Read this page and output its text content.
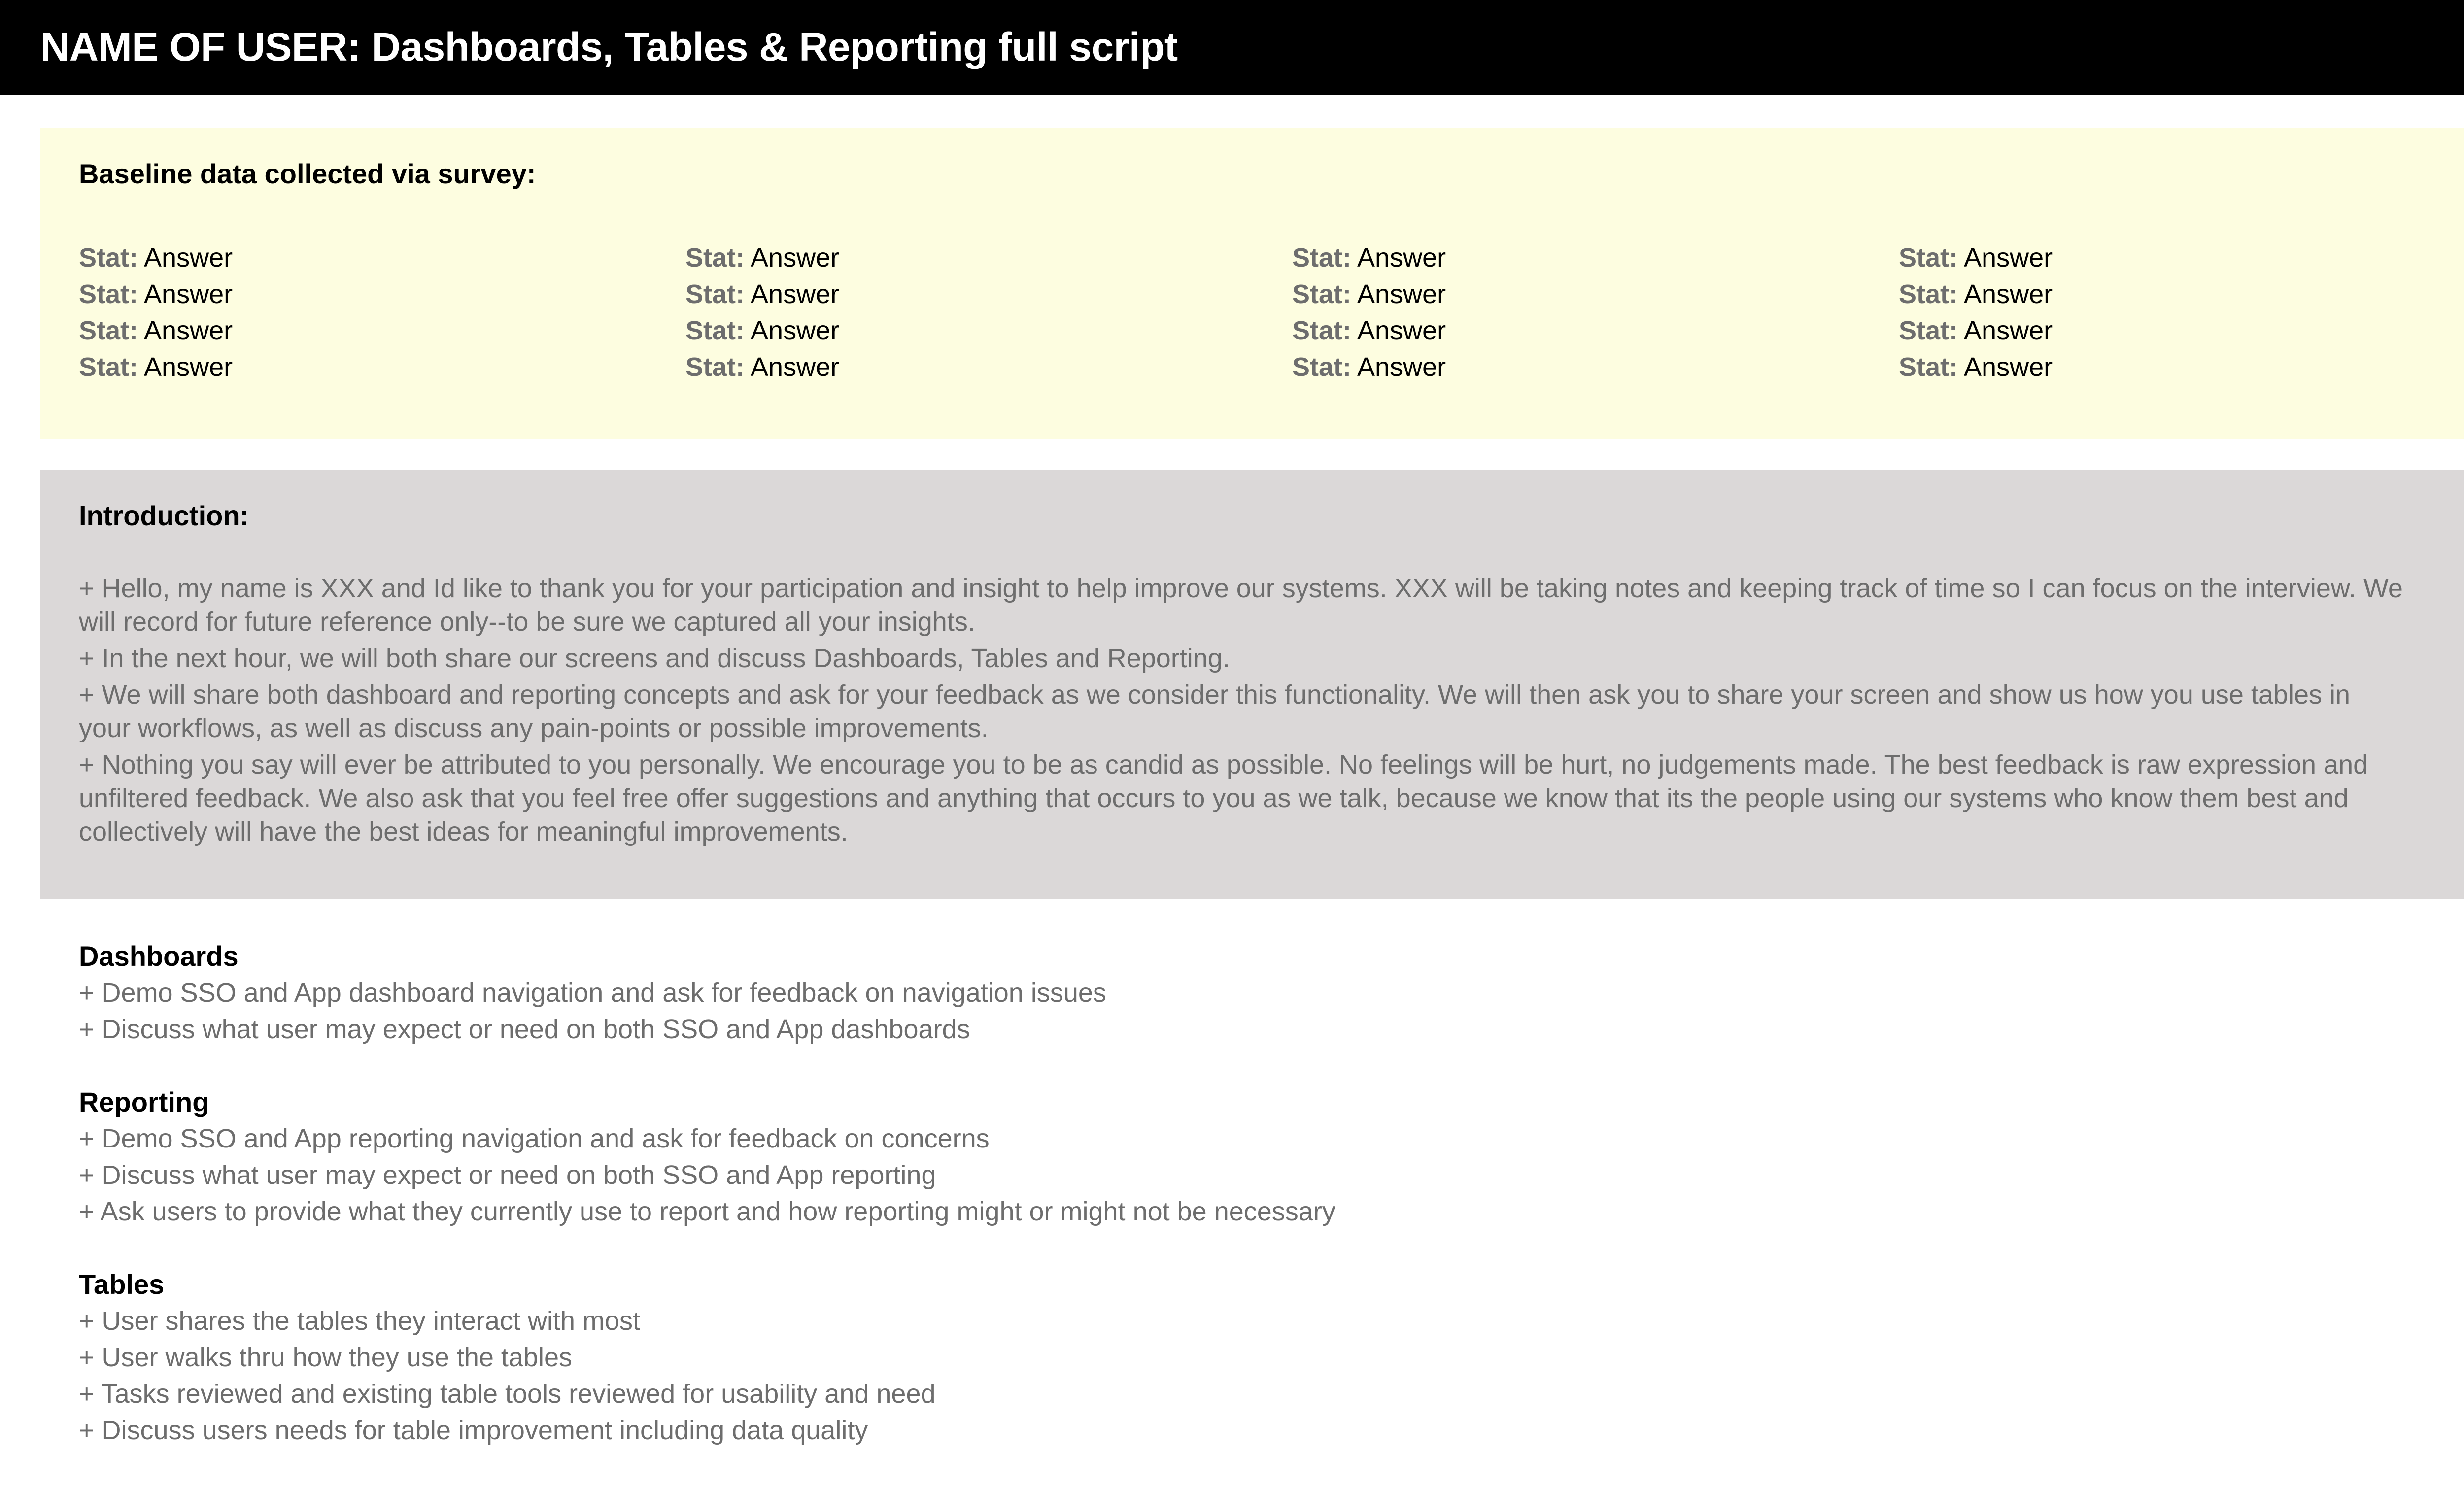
NAME OF USER: Dashboards, Tables & Reporting full script
Baseline data collected via survey:
Stat: Answer	Stat: Answer	Stat: Answer	Stat: Answer
Stat: Answer	Stat: Answer	Stat: Answer	Stat: Answer
Stat: Answer	Stat: Answer	Stat: Answer	Stat: Answer
Stat: Answer	Stat: Answer	Stat: Answer	Stat: Answer
Introduction:

+ Hello, my name is XXX and Id like to thank you for your participation and insight to help improve our systems. XXX will be taking notes and keeping track of time so I can focus on the interview. We will record for future reference only--to be sure we captured all your insights.

+ In the next hour, we will both share our screens and discuss Dashboards, Tables and Reporting.

+ We will share both dashboard and reporting concepts and ask for your feedback as we consider this functionality. We will then ask you to share your screen and show us how you use tables in your workflows, as well as discuss any pain-points or possible improvements.

+ Nothing you say will ever be attributed to you personally. We encourage you to be as candid as possible. No feelings will be hurt, no judgements made. The best feedback is raw expression and unfiltered feedback. We also ask that you feel free offer suggestions and anything that occurs to you as we talk, because we know that its the people using our systems who know them best and collectively will have the best ideas for meaningful improvements.

Dashboards
+ Demo SSO and App dashboard navigation and ask for feedback on navigation issues
+ Discuss what user may expect or need on both SSO and App dashboards
Reporting
+ Demo SSO and App reporting navigation and ask for feedback on concerns
+ Discuss what user may expect or need on both SSO and App reporting
+ Ask users to provide what they currently use to report and how reporting might or might not be necessary
Tables
+ User shares the tables they interact with most
+ User walks thru how they use the tables
+ Tasks reviewed and existing table tools reviewed for usability and need
+ Discuss users needs for table improvement including data quality
